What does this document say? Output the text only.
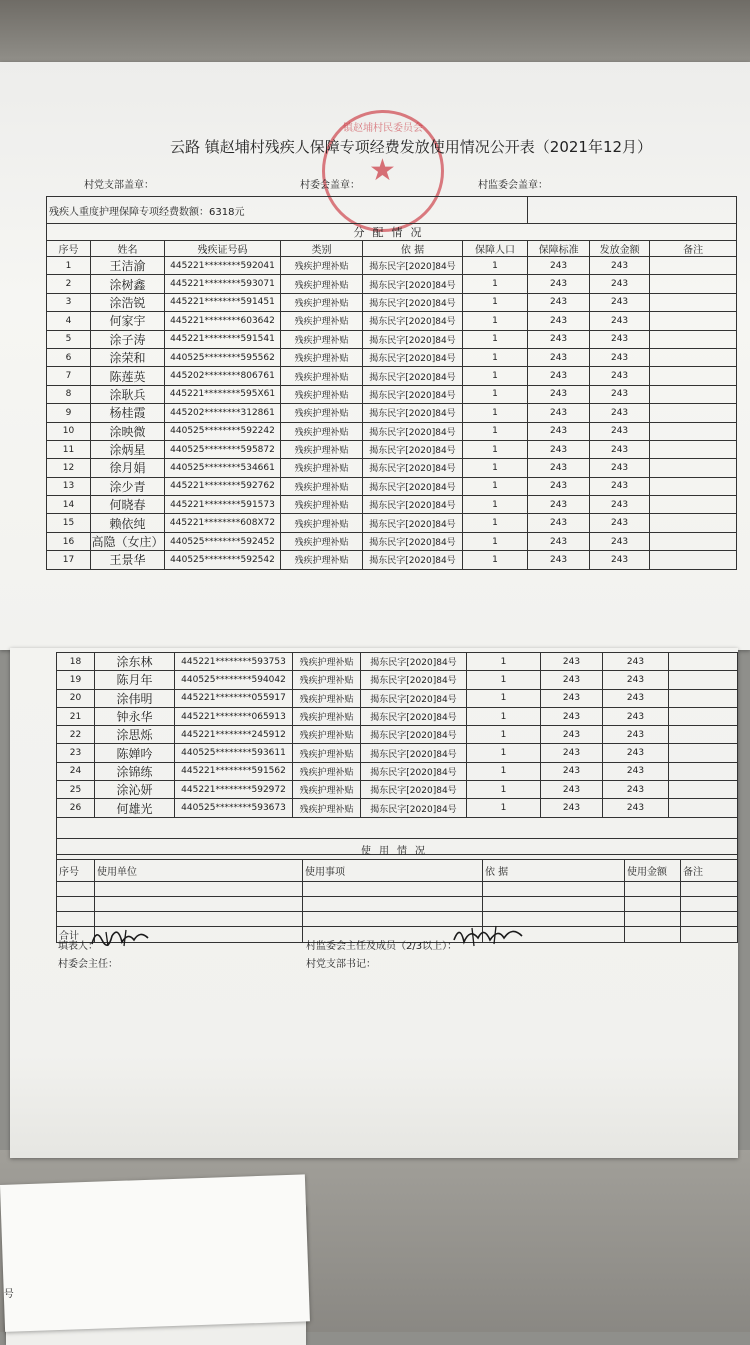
镇赵埔村民委员会
★
云路 镇赵埔村残疾人保障专项经费发放使用情况公开表（2021年12月）
村党支部盖章：	村委会盖章：	村监委会盖章：
残疾人重度护理保障专项经费数额：6318元								
分配情况								
序号	姓名	残疾证号码	类别	依 据	保障人口	保障标准	发放金额	备注
1	王洁渝	445221********592041	残疾护理补贴	揭东民字[2020]84号	1	243	243	
2	涂树鑫	445221********593071	残疾护理补贴	揭东民字[2020]84号	1	243	243	
3	涂浩锐	445221********591451	残疾护理补贴	揭东民字[2020]84号	1	243	243	
4	何家宇	445221********603642	残疾护理补贴	揭东民字[2020]84号	1	243	243	
5	涂子涛	445221********591541	残疾护理补贴	揭东民字[2020]84号	1	243	243	
6	涂荣和	440525********595562	残疾护理补贴	揭东民字[2020]84号	1	243	243	
7	陈莲英	445202********806761	残疾护理补贴	揭东民字[2020]84号	1	243	243	
8	涂耿兵	445221********595X61	残疾护理补贴	揭东民字[2020]84号	1	243	243	
9	杨桂霞	445202********312861	残疾护理补贴	揭东民字[2020]84号	1	243	243	
10	涂映微	440525********592242	残疾护理补贴	揭东民字[2020]84号	1	243	243	
11	涂炳星	440525********595872	残疾护理补贴	揭东民字[2020]84号	1	243	243	
12	徐月娟	440525********534661	残疾护理补贴	揭东民字[2020]84号	1	243	243	
13	涂少青	445221********592762	残疾护理补贴	揭东民字[2020]84号	1	243	243	
14	何晓春	445221********591573	残疾护理补贴	揭东民字[2020]84号	1	243	243	
15	赖依纯	445221********608X72	残疾护理补贴	揭东民字[2020]84号	1	243	243	
16	高隐（女庄）	440525********592452	残疾护理补贴	揭东民字[2020]84号	1	243	243	
17	王景华	440525********592542	残疾护理补贴	揭东民字[2020]84号	1	243	243	
18	涂东林	445221********593753	残疾护理补贴	揭东民字[2020]84号	1	243	243	
19	陈月年	440525********594042	残疾护理补贴	揭东民字[2020]84号	1	243	243	
20	涂伟明	445221********055917	残疾护理补贴	揭东民字[2020]84号	1	243	243	
21	钟永华	445221********065913	残疾护理补贴	揭东民字[2020]84号	1	243	243	
22	涂思烁	445221********245912	残疾护理补贴	揭东民字[2020]84号	1	243	243	
23	陈婵吟	440525********593611	残疾护理补贴	揭东民字[2020]84号	1	243	243	
24	涂锦练	445221********591562	残疾护理补贴	揭东民字[2020]84号	1	243	243	
25	涂沁妍	445221********592972	残疾护理补贴	揭东民字[2020]84号	1	243	243	
26	何雄光	440525********593673	残疾护理补贴	揭东民字[2020]84号	1	243	243	

使用情况					
序号	使用单位	使用事项	依 据	使用金额	备注

合计					
填表人：
村委会主任：
村监委会主任及成员（2/3以上）：
村党支部书记：
号
